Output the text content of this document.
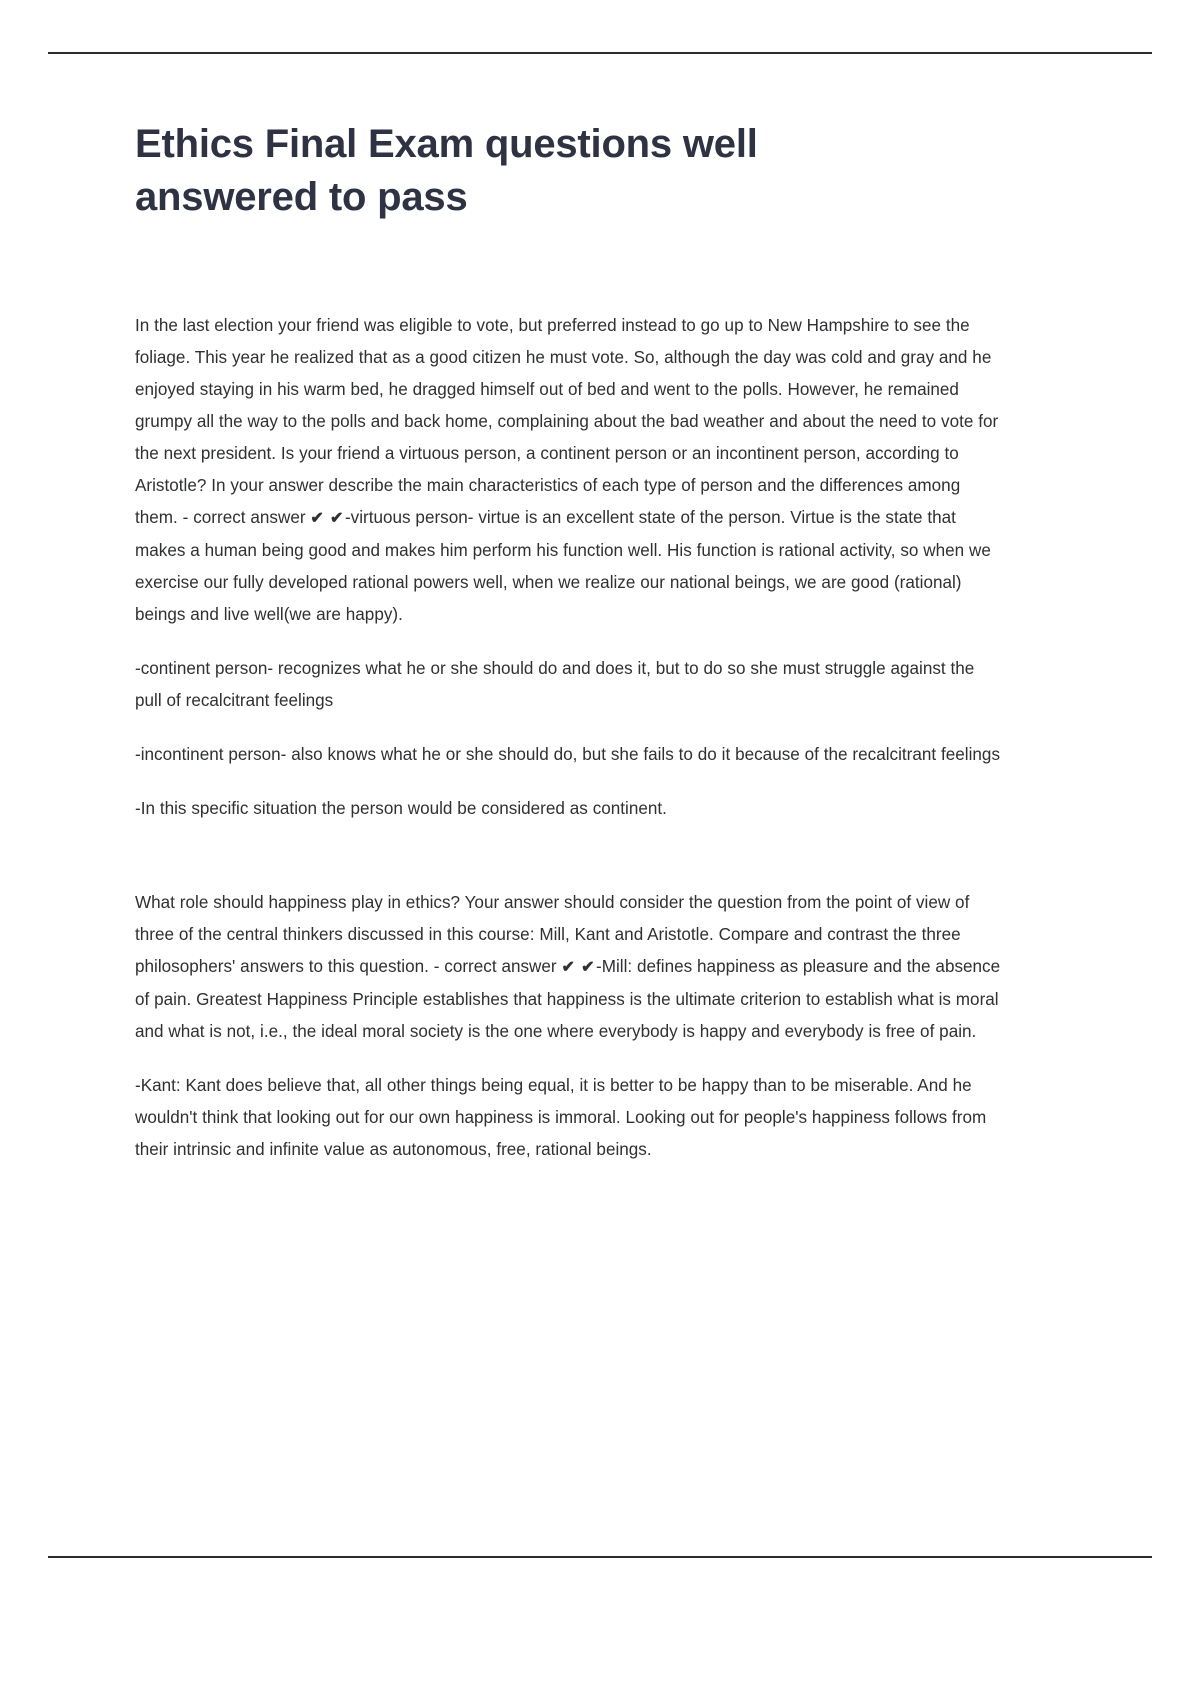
Ethics Final Exam questions well answered to pass

In the last election your friend was eligible to vote, but preferred instead to go up to New Hampshire to see the foliage. This year he realized that as a good citizen he must vote. So, although the day was cold and gray and he enjoyed staying in his warm bed, he dragged himself out of bed and went to the polls. However, he remained grumpy all the way to the polls and back home, complaining about the bad weather and about the need to vote for the next president. Is your friend a virtuous person, a continent person or an incontinent person, according to Aristotle? In your answer describe the main characteristics of each type of person and the differences among them. - correct answer ✔ ✔-virtuous person- virtue is an excellent state of the person. Virtue is the state that makes a human being good and makes him perform his function well. His function is rational activity, so when we exercise our fully developed rational powers well, when we realize our national beings, we are good (rational) beings and live well(we are happy).

-continent person- recognizes what he or she should do and does it, but to do so she must struggle against the pull of recalcitrant feelings

-incontinent person- also knows what he or she should do, but she fails to do it because of the recalcitrant feelings

-In this specific situation the person would be considered as continent.

What role should happiness play in ethics? Your answer should consider the question from the point of view of three of the central thinkers discussed in this course: Mill, Kant and Aristotle. Compare and contrast the three philosophers' answers to this question. - correct answer ✔ ✔-Mill: defines happiness as pleasure and the absence of pain. Greatest Happiness Principle establishes that happiness is the ultimate criterion to establish what is moral and what is not, i.e., the ideal moral society is the one where everybody is happy and everybody is free of pain.

-Kant: Kant does believe that, all other things being equal, it is better to be happy than to be miserable. And he wouldn't think that looking out for our own happiness is immoral. Looking out for people's happiness follows from their intrinsic and infinite value as autonomous, free, rational beings.
